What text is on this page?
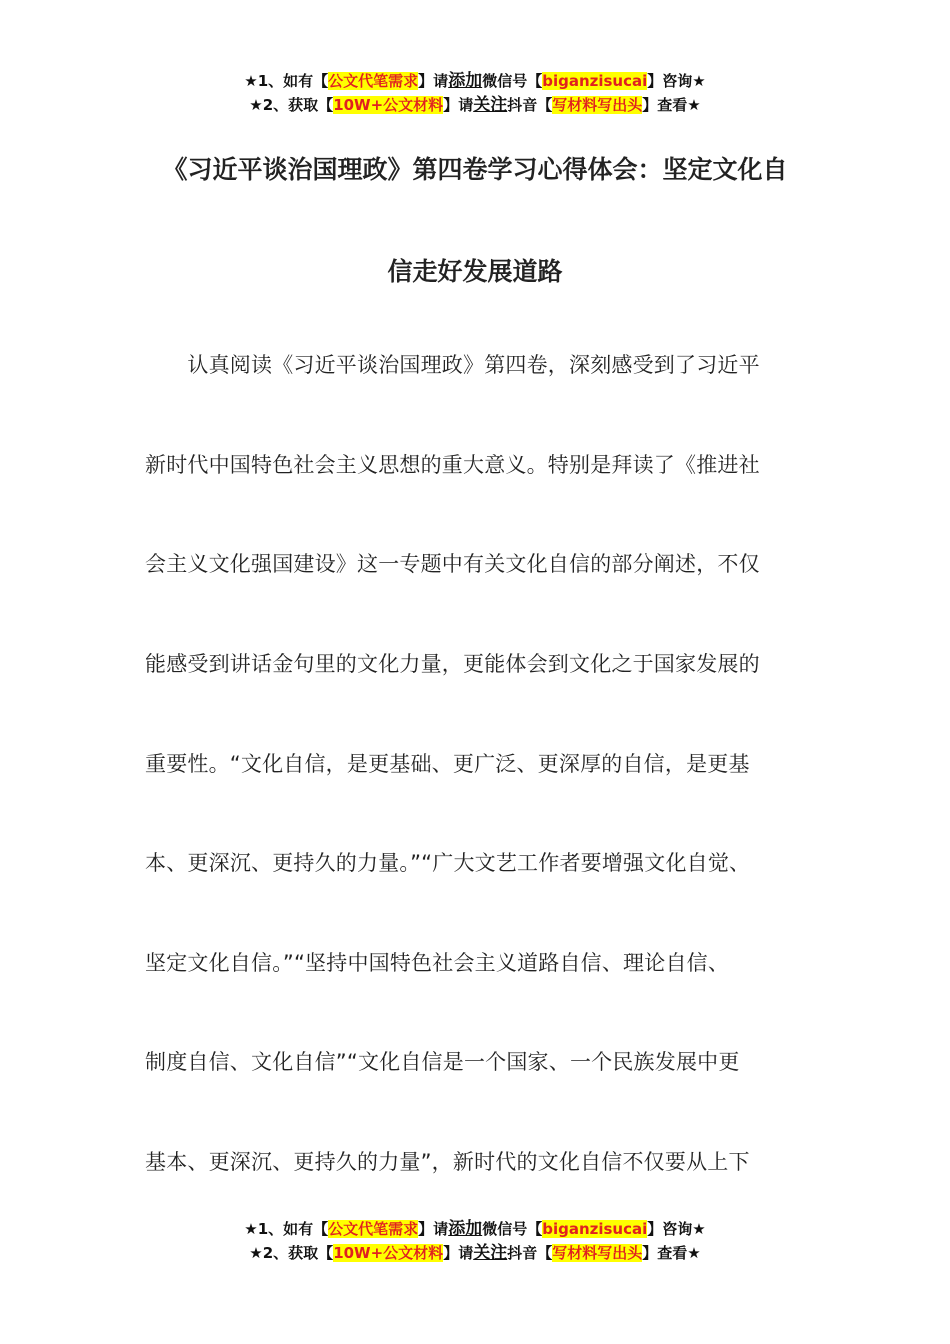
★1、如有【公文代笔需求】请添加微信号【biganzisucai】咨询★
★2、获取【10W+公文材料】请关注抖音【写材料写出头】查看★
《习近平谈治国理政》第四卷学习心得体会：坚定文化自
信走好发展道路
　　认真阅读《习近平谈治国理政》第四卷，深刻感受到了习近平
新时代中国特色社会主义思想的重大意义。特别是拜读了《推进社
会主义文化强国建设》这一专题中有关文化自信的部分阐述，不仅
能感受到讲话金句里的文化力量，更能体会到文化之于国家发展的
重要性。“文化自信，是更基础、更广泛、更深厚的自信，是更基
本、更深沉、更持久的力量。”“广大文艺工作者要增强文化自觉、
坚定文化自信。”“坚持中国特色社会主义道路自信、理论自信、
制度自信、文化自信”“文化自信是一个国家、一个民族发展中更
基本、更深沉、更持久的力量”，新时代的文化自信不仅要从上下
★1、如有【公文代笔需求】请添加微信号【biganzisucai】咨询★
★2、获取【10W+公文材料】请关注抖音【写材料写出头】查看★
